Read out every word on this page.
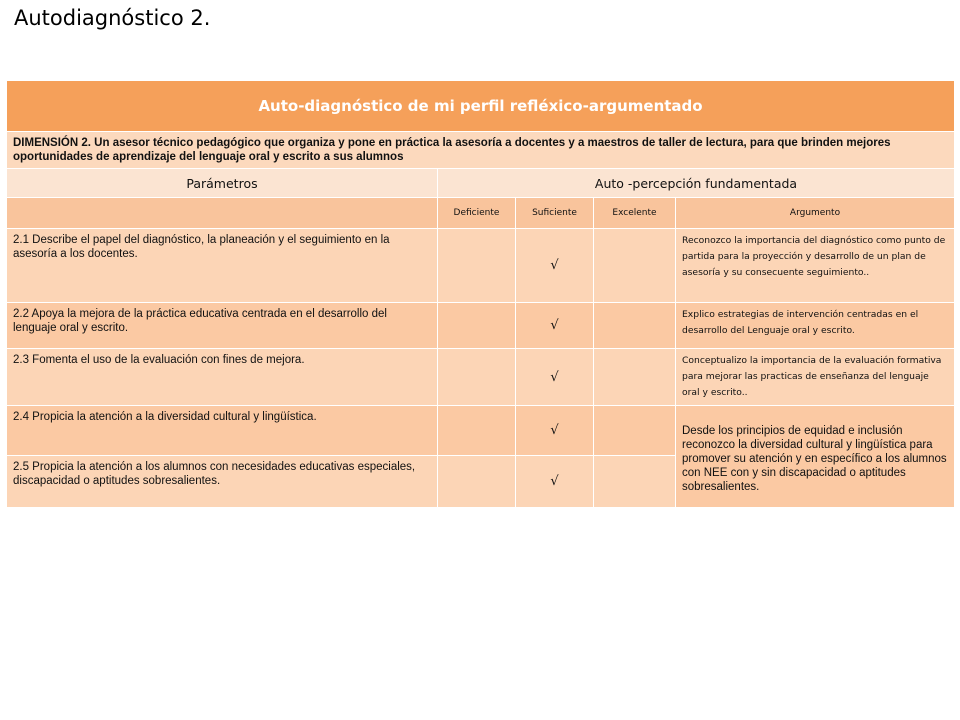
Autodiagnóstico 2.
Auto-diagnóstico de mi perfil refléxico-argumentado				
DIMENSIÓN 2. Un asesor técnico pedagógico que organiza y pone en práctica la asesoría a docentes y a maestros de taller de lectura, para que brinden mejores oportunidades de aprendizaje del lenguaje oral y escrito a sus alumnos				
Parámetros	Auto -percepción fundamentada			
	Deficiente	Suficiente	Excelente	Argumento
2.1 Describe el papel del diagnóstico, la planeación y el seguimiento en la asesoría a los docentes.		√		Reconozco la importancia del diagnóstico como punto de partida para la proyección y desarrollo de un plan de asesoría y su consecuente seguimiento..
2.2 Apoya la mejora de la práctica educativa centrada en el desarrollo del lenguaje oral y escrito.		√		Explico estrategias de intervención centradas en el desarrollo del Lenguaje oral y escrito.
2.3 Fomenta el uso de la evaluación con fines de mejora.		√		Conceptualizo la importancia de la evaluación formativa para mejorar las practicas de enseñanza del lenguaje oral y escrito..
2.4 Propicia la atención a la diversidad cultural y lingüística.		√		Desde los principios de equidad e inclusión reconozco la diversidad cultural y lingüística para promover su atención y en específico a los alumnos con NEE con y sin discapacidad o aptitudes sobresalientes.
2.5 Propicia la atención a los alumnos con necesidades educativas especiales, discapacidad o aptitudes sobresalientes.		√		
